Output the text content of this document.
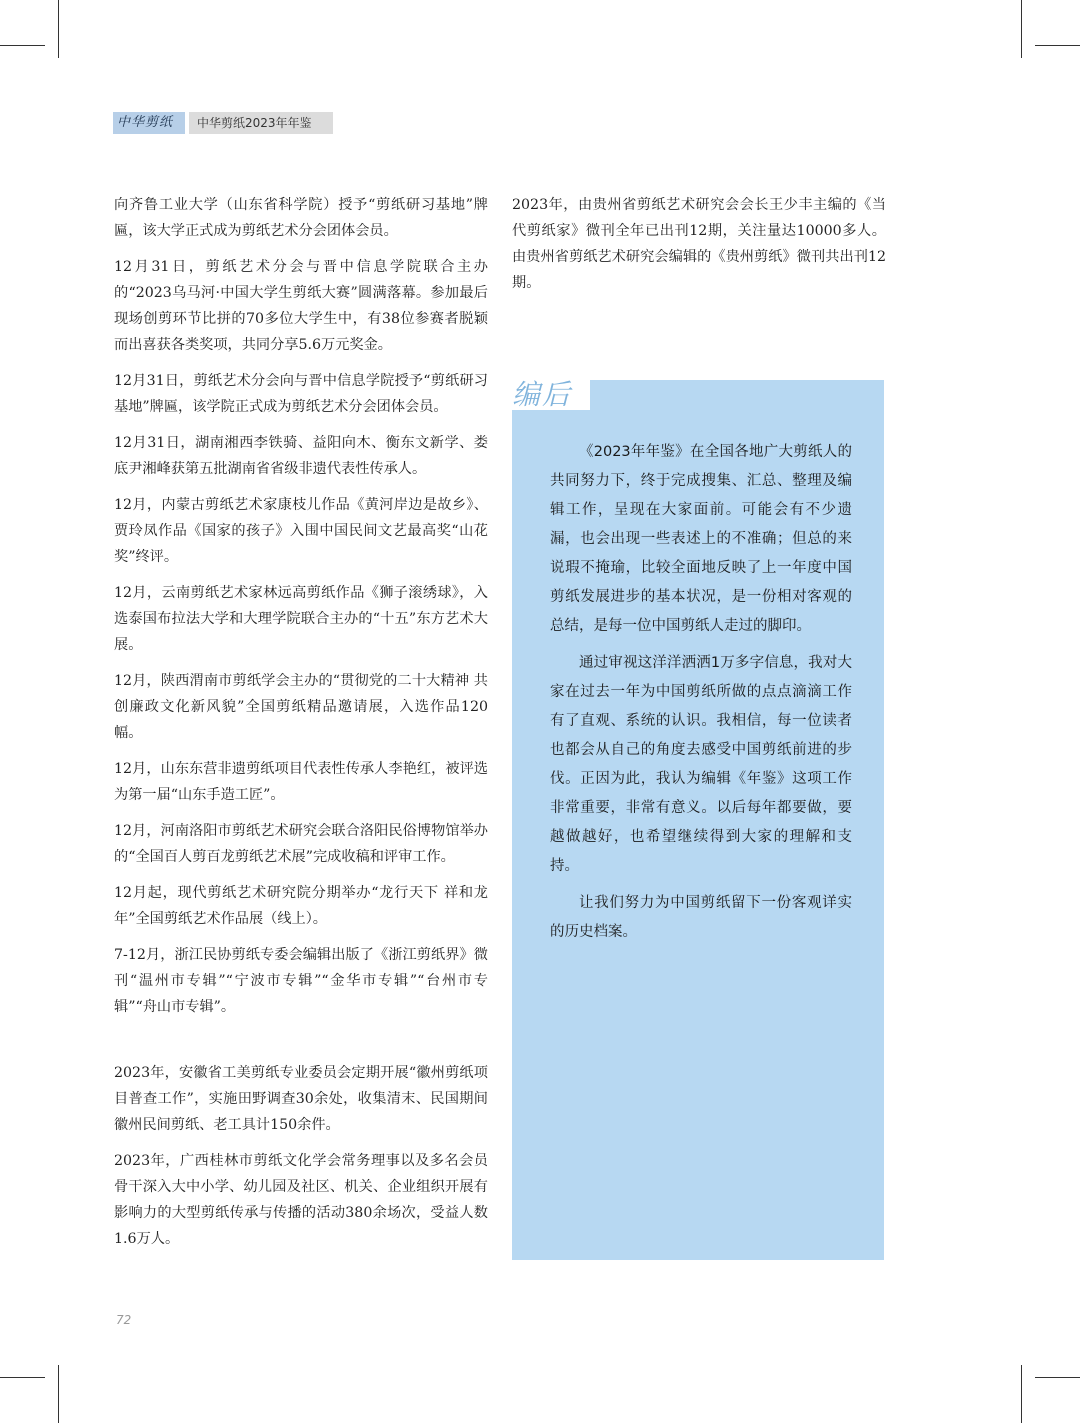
中华剪纸	中华剪纸2023年年鉴

向齐鲁工业大学（山东省科学院）授予“剪纸研习基地”牌匾，该大学正式成为剪纸艺术分会团体会员。

12月31日，剪纸艺术分会与晋中信息学院联合主办的“2023乌马河·中国大学生剪纸大赛”圆满落幕。参加最后现场创剪环节比拼的70多位大学生中，有38位参赛者脱颖而出喜获各类奖项，共同分享5.6万元奖金。

12月31日，剪纸艺术分会向与晋中信息学院授予“剪纸研习基地”牌匾，该学院正式成为剪纸艺术分会团体会员。

12月31日，湖南湘西李铁骑、益阳向木、衡东文新学、娄底尹湘峰获第五批湖南省省级非遗代表性传承人。

12月，内蒙古剪纸艺术家康枝儿作品《黄河岸边是故乡》、贾玲凤作品《国家的孩子》入围中国民间文艺最高奖“山花奖”终评。

12月，云南剪纸艺术家林远高剪纸作品《狮子滚绣球》，入选泰国布拉法大学和大理学院联合主办的“十五”东方艺术大展。

12月，陕西渭南市剪纸学会主办的“贯彻党的二十大精神 共创廉政文化新风貌”全国剪纸精品邀请展，入选作品120幅。

12月，山东东营非遗剪纸项目代表性传承人李艳红，被评选为第一届“山东手造工匠”。

12月，河南洛阳市剪纸艺术研究会联合洛阳民俗博物馆举办的“全国百人剪百龙剪纸艺术展”完成收稿和评审工作。

12月起，现代剪纸艺术研究院分期举办“龙行天下 祥和龙年”全国剪纸艺术作品展（线上）。

7-12月，浙江民协剪纸专委会编辑出版了《浙江剪纸界》微刊“温州市专辑”“宁波市专辑”“金华市专辑”“台州市专辑”“舟山市专辑”。

2023年，安徽省工美剪纸专业委员会定期开展“徽州剪纸项目普查工作”，实施田野调查30余处，收集清末、民国期间徽州民间剪纸、老工具计150余件。

2023年，广西桂林市剪纸文化学会常务理事以及多名会员骨干深入大中小学、幼儿园及社区、机关、企业组织开展有影响力的大型剪纸传承与传播的活动380余场次，受益人数1.6万人。

2023年，由贵州省剪纸艺术研究会会长王少丰主编的《当代剪纸家》微刊全年已出刊12期，关注量达10000多人。由贵州省剪纸艺术研究会编辑的《贵州剪纸》微刊共出刊12期。

编后

《2023年年鉴》在全国各地广大剪纸人的共同努力下，终于完成搜集、汇总、整理及编辑工作，呈现在大家面前。可能会有不少遗漏，也会出现一些表述上的不准确；但总的来说瑕不掩瑜，比较全面地反映了上一年度中国剪纸发展进步的基本状况，是一份相对客观的总结，是每一位中国剪纸人走过的脚印。

通过审视这洋洋洒洒1万多字信息，我对大家在过去一年为中国剪纸所做的点点滴滴工作有了直观、系统的认识。我相信，每一位读者也都会从自己的角度去感受中国剪纸前进的步伐。正因为此，我认为编辑《年鉴》这项工作非常重要，非常有意义。以后每年都要做，要越做越好，也希望继续得到大家的理解和支持。

让我们努力为中国剪纸留下一份客观详实的历史档案。

72
